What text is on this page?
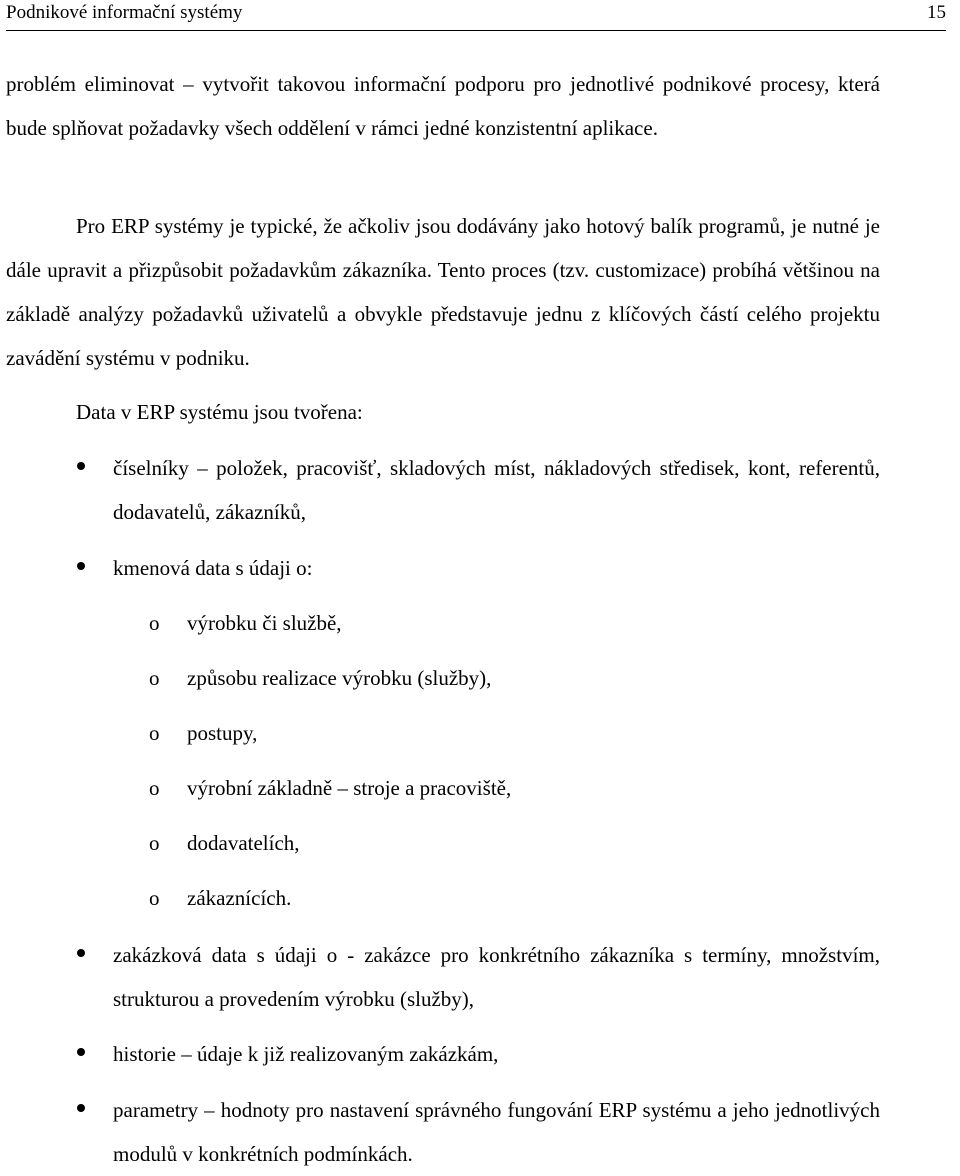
Podnikové informační systémy	15
problém eliminovat – vytvořit takovou informační podporu pro jednotlivé podnikové procesy, která bude splňovat požadavky všech oddělení v rámci jedné konzistentní aplikace.
Pro ERP systémy je typické, že ačkoliv jsou dodávány jako hotový balík programů, je nutné je dále upravit a přizpůsobit požadavkům zákazníka. Tento proces (tzv. customizace) probíhá většinou na základě analýzy požadavků uživatelů a obvykle představuje jednu z klíčových částí celého projektu zavádění systému v podniku.
Data v ERP systému jsou tvořena:
číselníky – položek, pracovišť, skladových míst, nákladových středisek, kont, referentů, dodavatelů, zákazníků,
kmenová data s údaji o:
o výrobku či službě,
o způsobu realizace výrobku (služby),
o postupy,
o výrobní základně – stroje a pracoviště,
o dodavatelích,
o zákaznících.
zakázková data s údaji o - zakázce pro konkrétního zákazníka s termíny, množstvím, strukturou a provedením výrobku (služby),
historie – údaje k již realizovaným zakázkám,
parametry – hodnoty pro nastavení správného fungování ERP systému a jeho jednotlivých modulů v konkrétních podmínkách.
